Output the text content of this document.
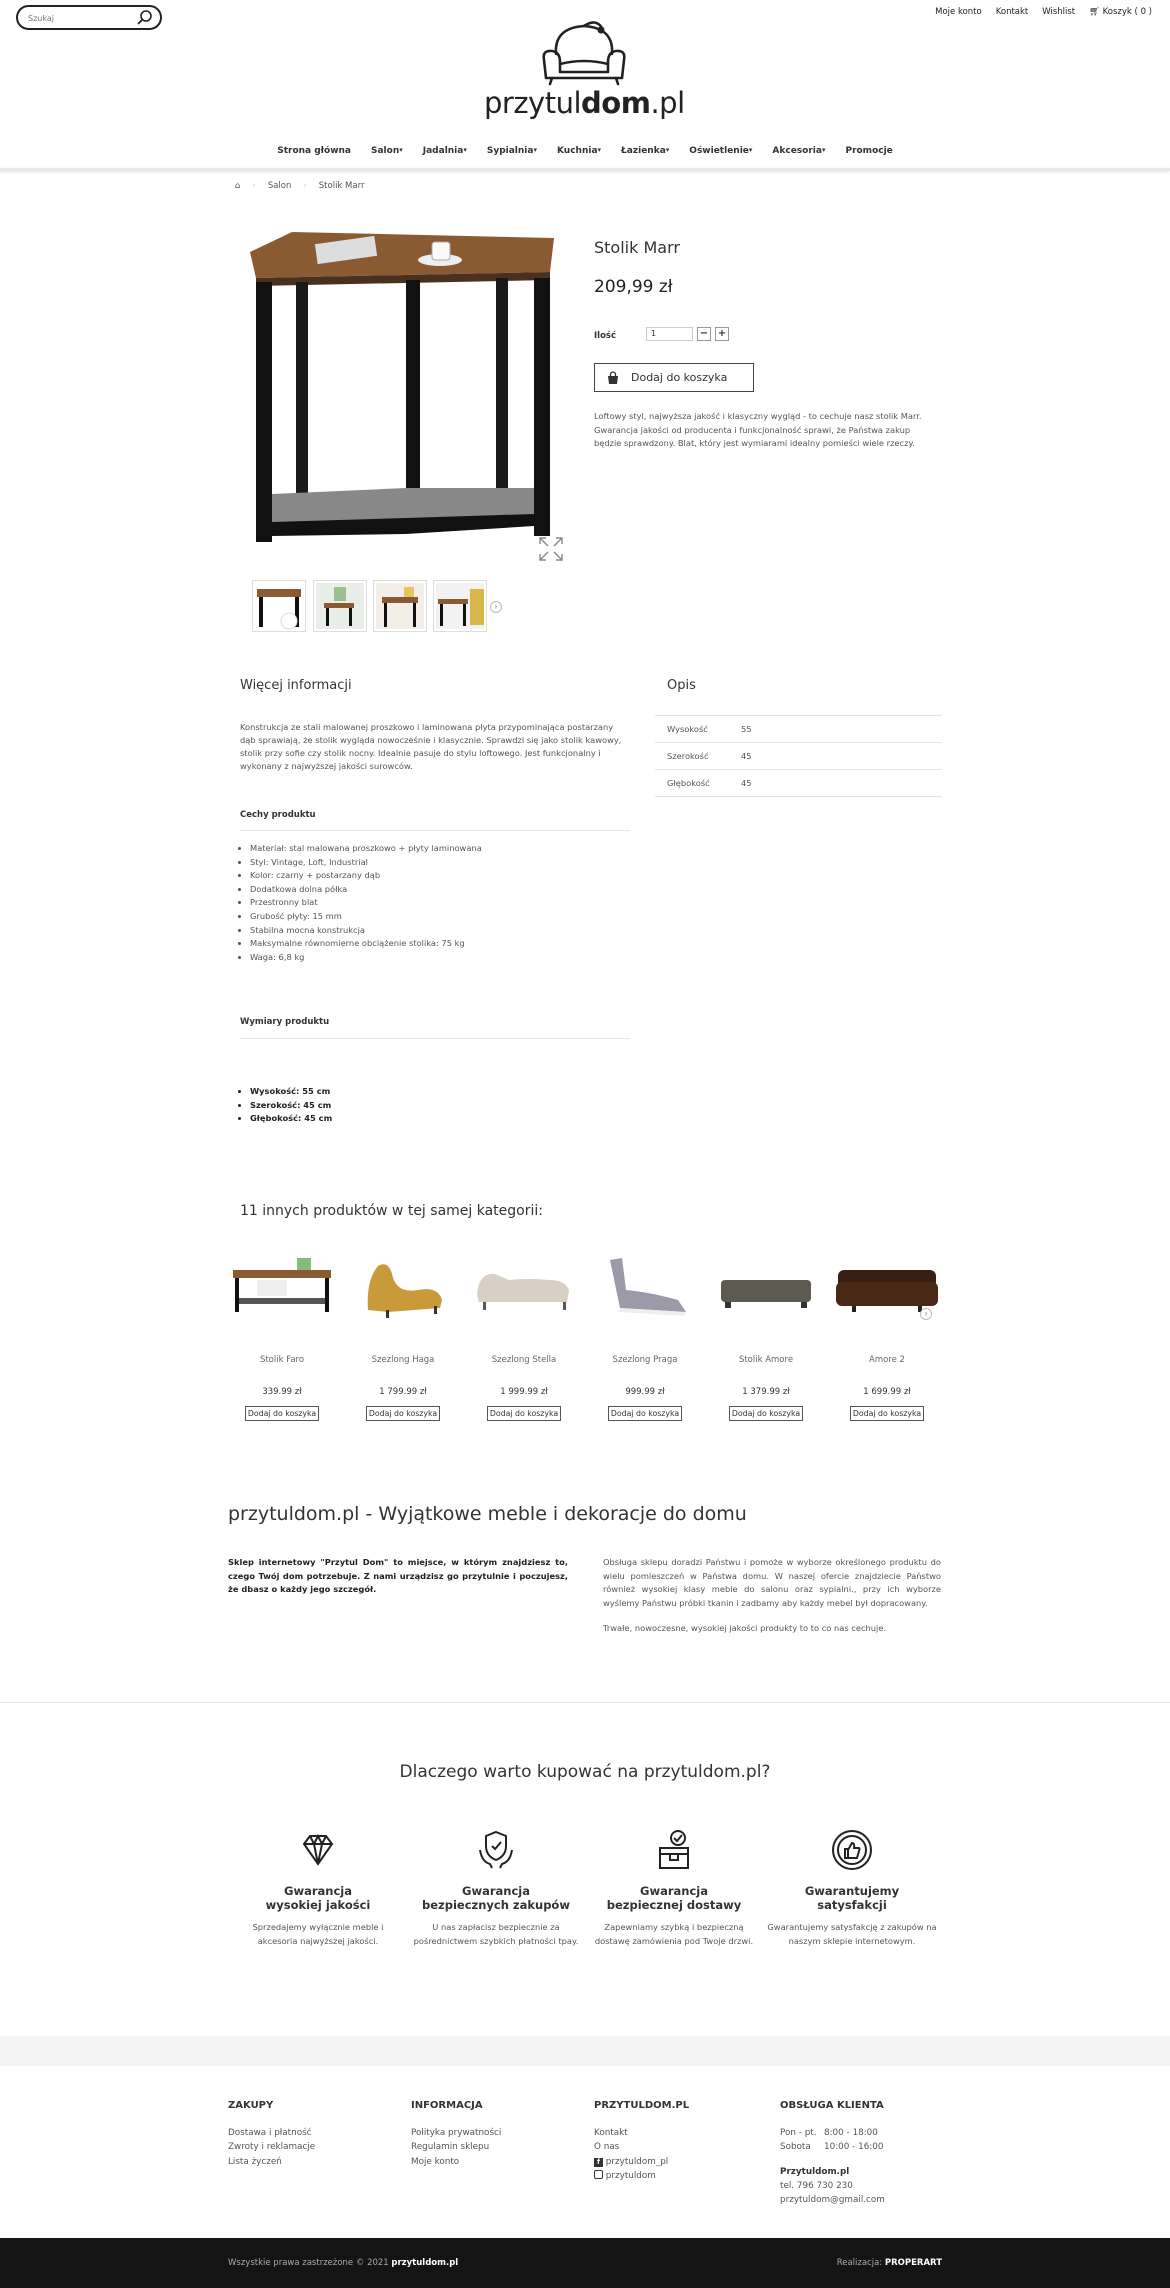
Szukaj
Moje konto Kontakt Wishlist 🛒︎ Koszyk ( 0 )
przytuldom.pl
Strona główna Salon ▾ Jadalnia ▾ Sypialnia ▾ Kuchnia ▾ Łazienka ▾ Oświetlenie ▾ Akcesoria ▾ Promocje
⌂ › Salon › Stolik Marr
›
Stolik Marr
209,99 zł
Ilość	1	− +
Dodaj do koszyka
Loftowy styl, najwyższa jakość i klasyczny wygląd - to cechuje nasz stolik Marr. Gwarancja jakości od producenta i funkcjonalność sprawi, że Państwa zakup będzie sprawdzony. Blat, który jest wymiarami idealny pomieści wiele rzeczy.
Więcej informacji
Konstrukcja ze stali malowanej proszkowo i laminowana płyta przypominająca postarzany dąb sprawiają, że stolik wygląda nowocześnie i klasycznie. Sprawdzi się jako stolik kawowy, stolik przy sofie czy stolik nocny. Idealnie pasuje do stylu loftowego. Jest funkcjonalny i wykonany z najwyższej jakości surowców.
Cechy produktu
• Materiał: stal malowana proszkowo + płyty laminowana
• Styl: Vintage, Loft, Industrial
• Kolor: czarny + postarzany dąb
• Dodatkowa dolna półka
• Przestronny blat
• Grubość płyty: 15 mm
• Stabilna mocna konstrukcja
• Maksymalne równomierne obciążenie stolika: 75 kg
• Waga: 6,8 kg
Wymiary produktu
• Wysokość: 55 cm
• Szerokość: 45 cm
• Głębokość: 45 cm
Opis
Wysokość	55
Szerokość	45
Głębokość	45
11 innych produktów w tej samej kategorii:
Stolik Faro
339.99 zł
Dodaj do koszyka
Szezlong Haga
1 799.99 zł
Dodaj do koszyka
Szezlong Stella
1 999.99 zł
Dodaj do koszyka
Szezlong Praga
999.99 zł
Dodaj do koszyka
Stolik Amore
1 379.99 zł
Dodaj do koszyka
Amore 2
1 699.99 zł
Dodaj do koszyka
›
przytuldom.pl - Wyjątkowe meble i dekoracje do domu
Sklep internetowy "Przytul Dom" to miejsce, w którym znajdziesz to, czego Twój dom potrzebuje. Z nami urządzisz go przytulnie i poczujesz, że dbasz o każdy jego szczegół.

Obsługa sklepu doradzi Państwu i pomoże w wyborze określonego produktu do wielu pomieszczeń w Państwa domu. W naszej ofercie znajdziecie Państwo również wysokiej klasy meble do salonu oraz sypialni., przy ich wyborze wyślemy Państwu próbki tkanin i zadbamy aby każdy mebel był dopracowany.

Trwałe, nowoczesne, wysokiej jakości produkty to to co nas cechuje.

Dlaczego warto kupować na przytuldom.pl?
Gwarancja
wysokiej jakości
Sprzedajemy wyłącznie meble i akcesoria najwyższej jakości.
Gwarancja
bezpiecznych zakupów
U nas zapłacisz bezpiecznie za pośrednictwem szybkich płatności tpay.
Gwarancja
bezpiecznej dostawy
Zapewniamy szybką i bezpieczną dostawę zamówienia pod Twoje drzwi.
Gwarantujemy
satysfakcji
Gwarantujemy satysfakcję z zakupów na naszym sklepie internetowym.
ZAKUPY
Dostawa i płatność
Zwroty i reklamacje
Lista życzeń
INFORMACJA
Polityka prywatności
Regulamin sklepu
Moje konto
PRZYTULDOM.PL
Kontakt
O nas
f przytuldom_pl
przytuldom
OBSŁUGA KLIENTA
Pon - pt. 8:00 - 18:00
Sobota 10:00 - 16:00
Przytuldom.pl
tel. 796 730 230
przytuldom@gmail.com
Wszystkie prawa zastrzeżone © 2021 przytuldom.pl	Realizacja: PROPERART
